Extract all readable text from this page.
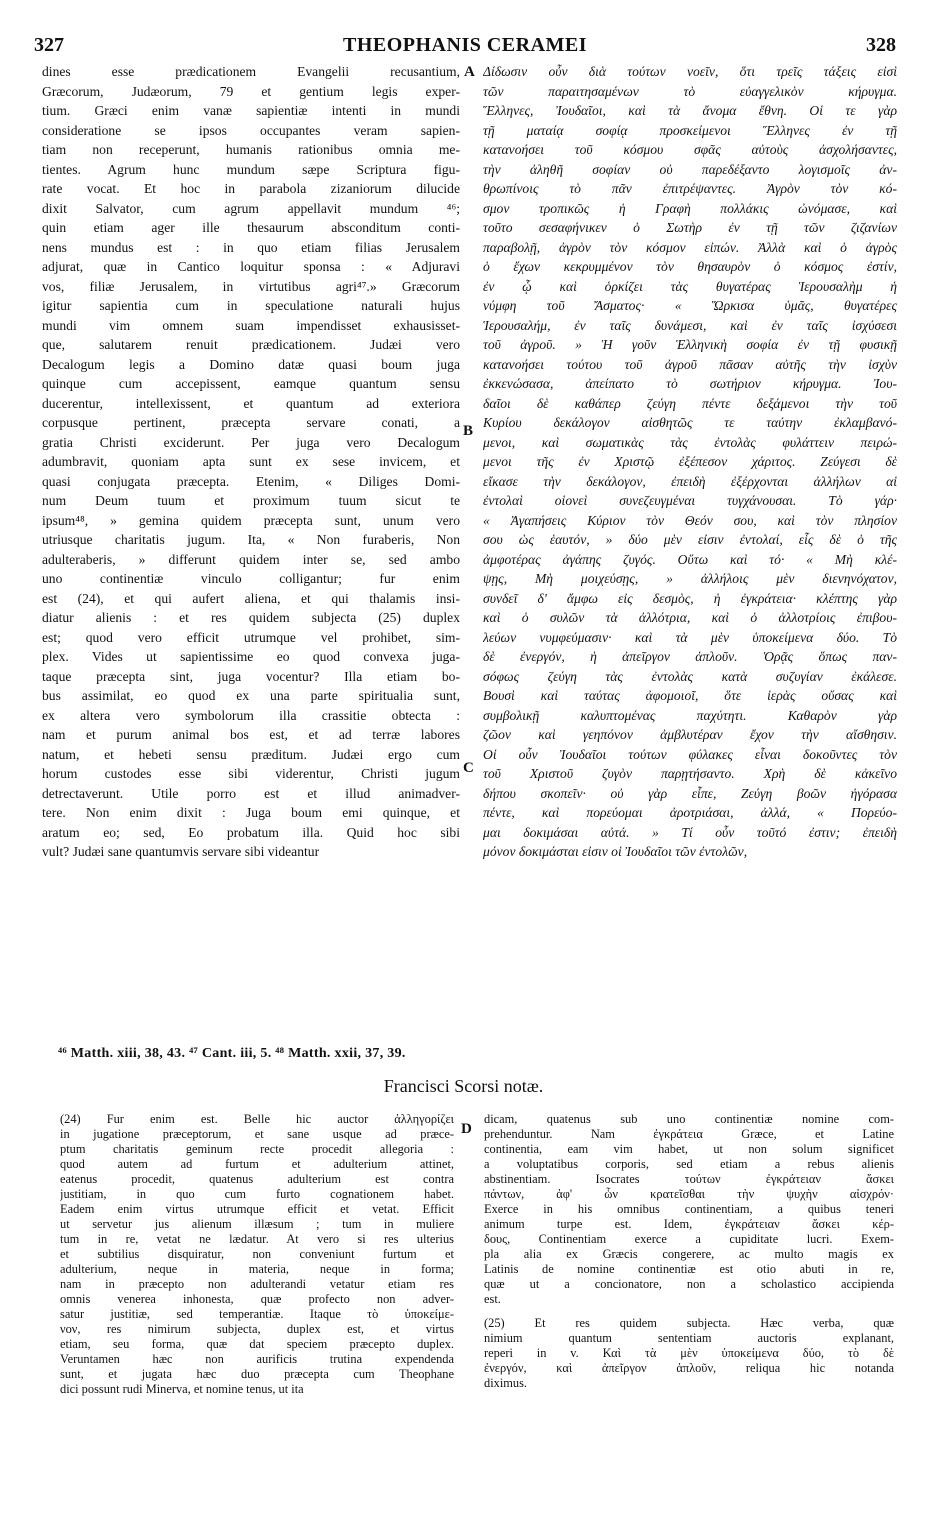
327	THEOPHANIS CERAMEI	328
dines esse prædicationem Evangelii recusantium,
Græcorum, Judæorum, 79 et gentium legis exper-
tium. Græci enim vanæ sapientiæ intenti in mundi
consideratione se ipsos occupantes veram sapien-
tiam non receperunt, humanis rationibus omnia me-
tientes. Agrum hunc mundum sæpe Scriptura figu-
rate vocat. Et hoc in parabola zizaniorum dilucide
dixit Salvator, cum agrum appellavit mundum ⁴⁶;
quin etiam ager ille thesaurum absconditum conti-
nens mundus est : in quo etiam filias Jerusalem
adjurat, quæ in Cantico loquitur sponsa : « Adjuravi
vos, filiæ Jerusalem, in virtutibus agri⁴⁷.» Græcorum
igitur sapientia cum in speculatione naturali hujus
mundi vim omnem suam impendisset exhausisset-
que, salutarem renuit prædicationem. Judæi vero
Decalogum legis a Domino datæ quasi boum juga
quinque cum accepissent, eamque quantum sensu
ducerentur, intellexissent, et quantum ad exteriora
corpusque pertinent, præcepta servare conati, a
gratia Christi exciderunt. Per juga vero Decalogum
adumbravit, quoniam apta sunt ex sese invicem, et
quasi conjugata præcepta. Etenim, « Diliges Domi-
num Deum tuum et proximum tuum sicut te
ipsum⁴⁸, » gemina quidem præcepta sunt, unum vero
utriusque charitatis jugum. Ita, « Non furaberis, Non
adulteraberis, » differunt quidem inter se, sed ambo
uno continentiæ vinculo colligantur; fur enim
est (24), et qui aufert aliena, et qui thalamis insi-
diatur alienis : et res quidem subjecta (25) duplex
est; quod vero efficit utrumque vel prohibet, sim-
plex. Vides ut sapientissime eo quod convexa juga-
taque præcepta sint, juga vocentur? Illa etiam bo-
bus assimilat, eo quod ex una parte spiritualia sunt,
ex altera vero symbolorum illa crassitie obtecta :
nam et purum animal bos est, et ad terræ labores
natum, et hebeti sensu præditum. Judæi ergo cum
horum custodes esse sibi viderentur, Christi jugum
detrectaverunt. Utile porro est et illud animadver-
tere. Non enim dixit : Juga boum emi quinque, et
aratum eo; sed, Eo probatum illa. Quid hoc sibi
vult? Judæi sane quantumvis servare sibi videantur
Δίδωσιν οὖν διὰ τούτων νοεῖν, ὅτι τρεῖς τάξεις εἰσὶ
τῶν παραιτησαμένων τὸ εὐαγγελικὸν κήρυγμα.
Ἕλληνες, Ἰουδαῖοι, καὶ τὰ ἄνομα ἔθνη. Οἱ τε γὰρ
τῇ ματαίᾳ σοφίᾳ προσκείμενοι Ἕλληνες ἐν τῇ
κατανοήσει τοῦ κόσμου σφᾶς αὐτοὺς ἀσχολήσαντες,
τὴν ἀληθῆ σοφίαν οὐ παρεδέξαντο λογισμοῖς ἀν-
θρωπίνοις τὸ πᾶν ἐπιτρέψαντες. Ἀγρὸν τὸν κό-
σμον τροπικῶς ἡ Γραφὴ πολλάκις ὠνόμασε, καὶ
τοῦτο σεσαφήνικεν ὁ Σωτὴρ ἐν τῇ τῶν ζιζανίων
παραβολῇ, ἀγρὸν τὸν κόσμον εἰπών. Ἀλλὰ καὶ ὁ ἀγρὸς
ὁ ἔχων κεκρυμμένον τὸν θησαυρὸν ὁ κόσμος ἐστίν,
ἐν ᾧ καὶ ὁρκίζει τὰς θυγατέρας Ἱερουσαλὴμ ἡ
νύμφη τοῦ Ἄσματος· « Ὥρκισα ὑμᾶς, θυγατέρες
Ἱερουσαλήμ, ἐν ταῖς δυνάμεσι, καὶ ἐν ταῖς ἰσχύσεσι
τοῦ ἀγροῦ. » Ἡ γοῦν Ἑλληνικὴ σοφία ἐν τῇ φυσικῇ
κατανοήσει τούτου τοῦ ἀγροῦ πᾶσαν αὐτῆς τὴν ἰσχὺν
ἐκκενώσασα, ἀπείπατο τὸ σωτήριον κήρυγμα. Ἰου-
δαῖοι δὲ καθάπερ ζεύγη πέντε δεξάμενοι τὴν τοῦ
Κυρίου δεκάλογον αἰσθητῶς τε ταύτην ἐκλαμβανό-
μενοι, καὶ σωματικὰς τὰς ἐντολὰς φυλάττειν πειρώ-
μενοι τῆς ἐν Χριστῷ ἐξέπεσον χάριτος. Ζεύγεσι δὲ
εἴκασε τὴν δεκάλογον, ἐπειδὴ ἐξέρχονται ἀλλήλων αἱ
ἐντολαὶ οἱονεὶ συνεζευγμέναι τυγχάνουσαι. Τὸ γάρ·
« Ἀγαπήσεις Κύριον τὸν Θεόν σου, καὶ τὸν πλησίον
σου ὡς ἑαυτόν, » δύο μὲν εἰσιν ἐντολαί, εἷς δὲ ὁ τῆς
ἀμφοτέρας ἀγάπης ζυγός. Οὕτω καὶ τό· « Μὴ κλέ-
ψῃς, Μὴ μοιχεύσῃς, » ἀλλήλοις μὲν διενηνόχατον,
συνδεῖ δ' ἄμφω εἰς δεσμὸς, ἡ ἐγκράτεια· κλέπτης γὰρ
καὶ ὁ συλῶν τὰ ἀλλότρια, καὶ ὁ ἀλλοτρίοις ἐπιβου-
λεύων νυμφεύμασιν· καὶ τὰ μὲν ὑποκείμενα δύο. Τὸ
δὲ ἐνεργόν, ἡ ἀπεῖργον ἁπλοῦν. Ὁρᾷς ὅπως παν-
σόφως ζεύγη τὰς ἐντολὰς κατὰ συζυγίαν ἐκάλεσε.
Βουσὶ καὶ ταύτας ἀφομοιοῖ, ὅτε ἱερὰς οὔσας καὶ
συμβολικῇ καλυπτομένας παχύτητι. Καθαρὸν γὰρ
ζῶον καὶ γεηπόνον ἀμβλυτέραν ἔχον τὴν αἴσθησιν.
Οἱ οὖν Ἰουδαῖοι τούτων φύλακες εἶναι δοκοῦντες τὸν
τοῦ Χριστοῦ ζυγὸν παρῃτήσαντο. Χρὴ δὲ κἀκεῖνο
δήπου σκοπεῖν· οὐ γὰρ εἶπε, Ζεύγη βοῶν ἠγόρασα
πέντε, καὶ πορεύομαι ἀροτριάσαι, ἀλλά, « Πορεύο-
μαι δοκιμάσαι αὐτά. » Τί οὖν τοῦτό ἐστιν; ἐπειδὴ
μόνον δοκιμάσται εἰσιν οἱ Ἰουδαῖοι τῶν ἐντολῶν,
A
B
C
D
⁴⁶ Matth. xiii, 38, 43. ⁴⁷ Cant. iii, 5. ⁴⁸ Matth. xxii, 37, 39.
Francisci Scorsi notæ.
(24) Fur enim est. Belle hic auctor ἀλληγορίζει
in jugatione præceptorum, et sane usque ad præce-
ptum charitatis geminum recte procedit allegoria :
quod autem ad furtum et adulterium attinet,
eatenus procedit, quatenus adulterium est contra
justitiam, in quo cum furto cognationem habet.
Eadem enim virtus utrumque efficit et vetat. Efficit
ut servetur jus alienum illæsum ; tum in muliere
tum in re, vetat ne lædatur. At vero si res ulterius
et subtilius disquiratur, non conveniunt furtum et
adulterium, neque in materia, neque in forma;
nam in præcepto non adulterandi vetatur etiam res
omnis venerea inhonesta, quæ profecto non adver-
satur justitiæ, sed temperantiæ. Itaque τὸ ὑποκείμε-
νον, res nimirum subjecta, duplex est, et virtus
etiam, seu forma, quæ dat speciem præcepto duplex.
Veruntamen hæc non aurificis trutina expendenda
sunt, et jugata hæc duo præcepta cum Theophane
dici possunt rudi Minerva, et nomine tenus, ut ita
dicam, quatenus sub uno continentiæ nomine com-
prehenduntur. Nam ἐγκράτεια Græce, et Latine
continentia, eam vim habet, ut non solum significet
a voluptatibus corporis, sed etiam a rebus alienis
abstinentiam. Isocrates τούτων ἐγκράτειαν ἄσκει
πάντων, ἀφ' ὧν κρατεῖσθαι τὴν ψυχὴν αἰσχρόν·
Exerce in his omnibus continentiam, a quibus teneri
animum turpe est. Idem, ἐγκράτειαν ἄσκει κέρ-
δους, Continentiam exerce a cupiditate lucri. Exem-
pla alia ex Græcis congerere, ac multo magis ex
Latinis de nomine continentiæ est otio abuti in re,
quæ ut a concionatore, non a scholastico accipienda
est.
(25) Et res quidem subjecta. Hæc verba, quæ
nimium quantum sententiam auctoris explanant,
reperi in v. Καὶ τὰ μὲν ὑποκείμενα δύο, τὸ δὲ
ἐνεργόν, καὶ ἀπεῖργον ἁπλοῦν, reliqua hic notanda
diximus.
